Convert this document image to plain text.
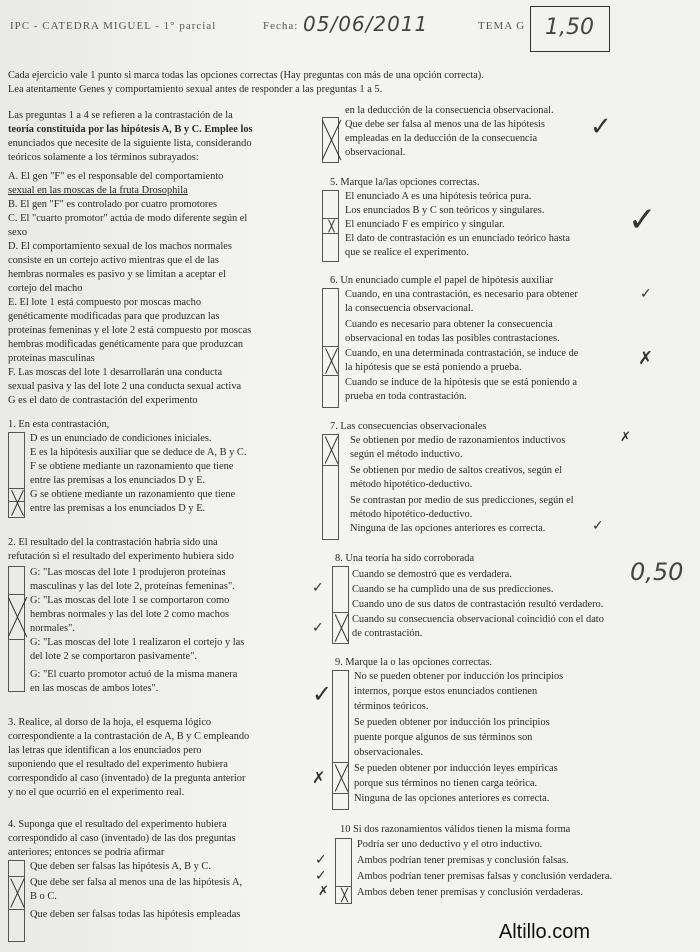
IPC - CATEDRA MIGUEL - 1° parcial	Fecha: 05/06/2011	TEMA G 1,50
Cada ejercicio vale 1 punto si marca todas las opciones correctas (Hay preguntas con más de una opción correcta).
Lea atentamente Genes y comportamiento sexual antes de responder a las preguntas 1 a 5.
Las preguntas 1 a 4 se refieren a la contrastación de la
teoría constituida por las hipótesis A, B y C. Emplee los
enunciados que necesite de la siguiente lista, considerando
teóricos solamente a los términos subrayados:
A. El gen "F" es el responsable del comportamiento
sexual en las moscas de la fruta Drosophila
B. El gen "F" es controlado por cuatro promotores
C. El "cuarto promotor" actúa de modo diferente según el
sexo
D. El comportamiento sexual de los machos normales
consiste en un cortejo activo mientras que el de las
hembras normales es pasivo y se limitan a aceptar el
cortejo del macho
E. El lote 1 está compuesto por moscas macho
genéticamente modificadas para que produzcan las
proteínas femeninas y el lote 2 está compuesto por moscas
hembras modificadas genéticamente para que produzcan
proteínas masculinas
F. Las moscas del lote 1 desarrollarán una conducta
sexual pasiva y las del lote 2 una conducta sexual activa
G es el dato de contrastación del experimento
1. En esta contrastación,
D es un enunciado de condiciones iniciales.
E es la hipótesis auxiliar que se deduce de A, B y C.
F se obtiene mediante un razonamiento que tiene
entre las premisas a los enunciados D y E.
G se obtiene mediante un razonamiento que tiene
entre las premisas a los enunciados D y E.
2. El resultado del la contrastación habría sido una
refutación si el resultado del experimento hubiera sido
G: "Las moscas del lote 1 produjeron proteínas
masculinas y las del lote 2, proteínas femeninas".
G: "Las moscas del lote 1 se comportaron como
hembras normales y las del lote 2 como machos
normales".
G: "Las moscas del lote 1 realizaron el cortejo y las
del lote 2 se comportaron pasivamente".
G: "El cuarto promotor actuó de la misma manera
en las moscas de ambos lotes".
3. Realice, al dorso de la hoja, el esquema lógico
correspondiente a la contrastación de A, B y C empleando
las letras que identifican a los enunciados pero
suponiendo que el resultado del experimento hubiera
correspondido al caso (inventado) de la pregunta anterior
y no el que ocurrió en el experimento real.
4. Suponga que el resultado del experimento hubiera
correspondido al caso (inventado) de las dos preguntas
anteriores; entonces se podría afirmar
Que deben ser falsas las hipótesis A, B y C.
Que debe ser falsa al menos una de las hipótesis A,
B o C.
Que deben ser falsas todas las hipótesis empleadas
en la deducción de la consecuencia observacional.
Que debe ser falsa al menos una de las hipótesis
empleadas en la deducción de la consecuencia
observacional.
✓
5. Marque la/las opciones correctas.
El enunciado A es una hipótesis teórica pura.
Los enunciados B y C son teóricos y singulares.
El enunciado F es empírico y singular.
El dato de contrastación es un enunciado teórico hasta
que se realice el experimento.
✓
6. Un enunciado cumple el papel de hipótesis auxiliar
Cuando, en una contrastación, es necesario para obtener
la consecuencia observacional.
Cuando es necesario para obtener la consecuencia
observacional en todas las posibles contrastaciones.
Cuando, en una determinada contrastación, se induce de
la hipótesis que se está poniendo a prueba.
Cuando se induce de la hipótesis que se está poniendo a
prueba en toda contrastación.
✓
✗
7. Las consecuencias observacionales
Se obtienen por medio de razonamientos inductivos
según el método inductivo.
Se obtienen por medio de saltos creativos, según el
método hipotético-deductivo.
Se contrastan por medio de sus predicciones, según el
método hipotético-deductivo.
Ninguna de las opciones anteriores es correcta.
✗
✓
8. Una teoría ha sido corroborada	0,50
Cuando se demostró que es verdadera.
Cuando se ha cumplido una de sus predicciones.
Cuando uno de sus datos de contrastación resultó verdadero.
Cuando su consecuencia observacional coincidió con el dato
de contrastación.
✓
✓
9. Marque la o las opciones correctas.
No se pueden obtener por inducción los principios
internos, porque estos enunciados contienen
términos teóricos.
Se pueden obtener por inducción los principios
puente porque algunos de sus términos son
observacionales.
Se pueden obtener por inducción leyes empíricas
porque sus términos no tienen carga teórica.
Ninguna de las opciones anteriores es correcta.
✓
✗
10 Si dos razonamientos válidos tienen la misma forma
Podría ser uno deductivo y el otro inductivo.
Ambos podrían tener premisas y conclusión falsas.
Ambos podrían tener premisas falsas y conclusión verdadera.
Ambos deben tener premisas y conclusión verdaderas.
✓
✓
✗
Altillo.com
